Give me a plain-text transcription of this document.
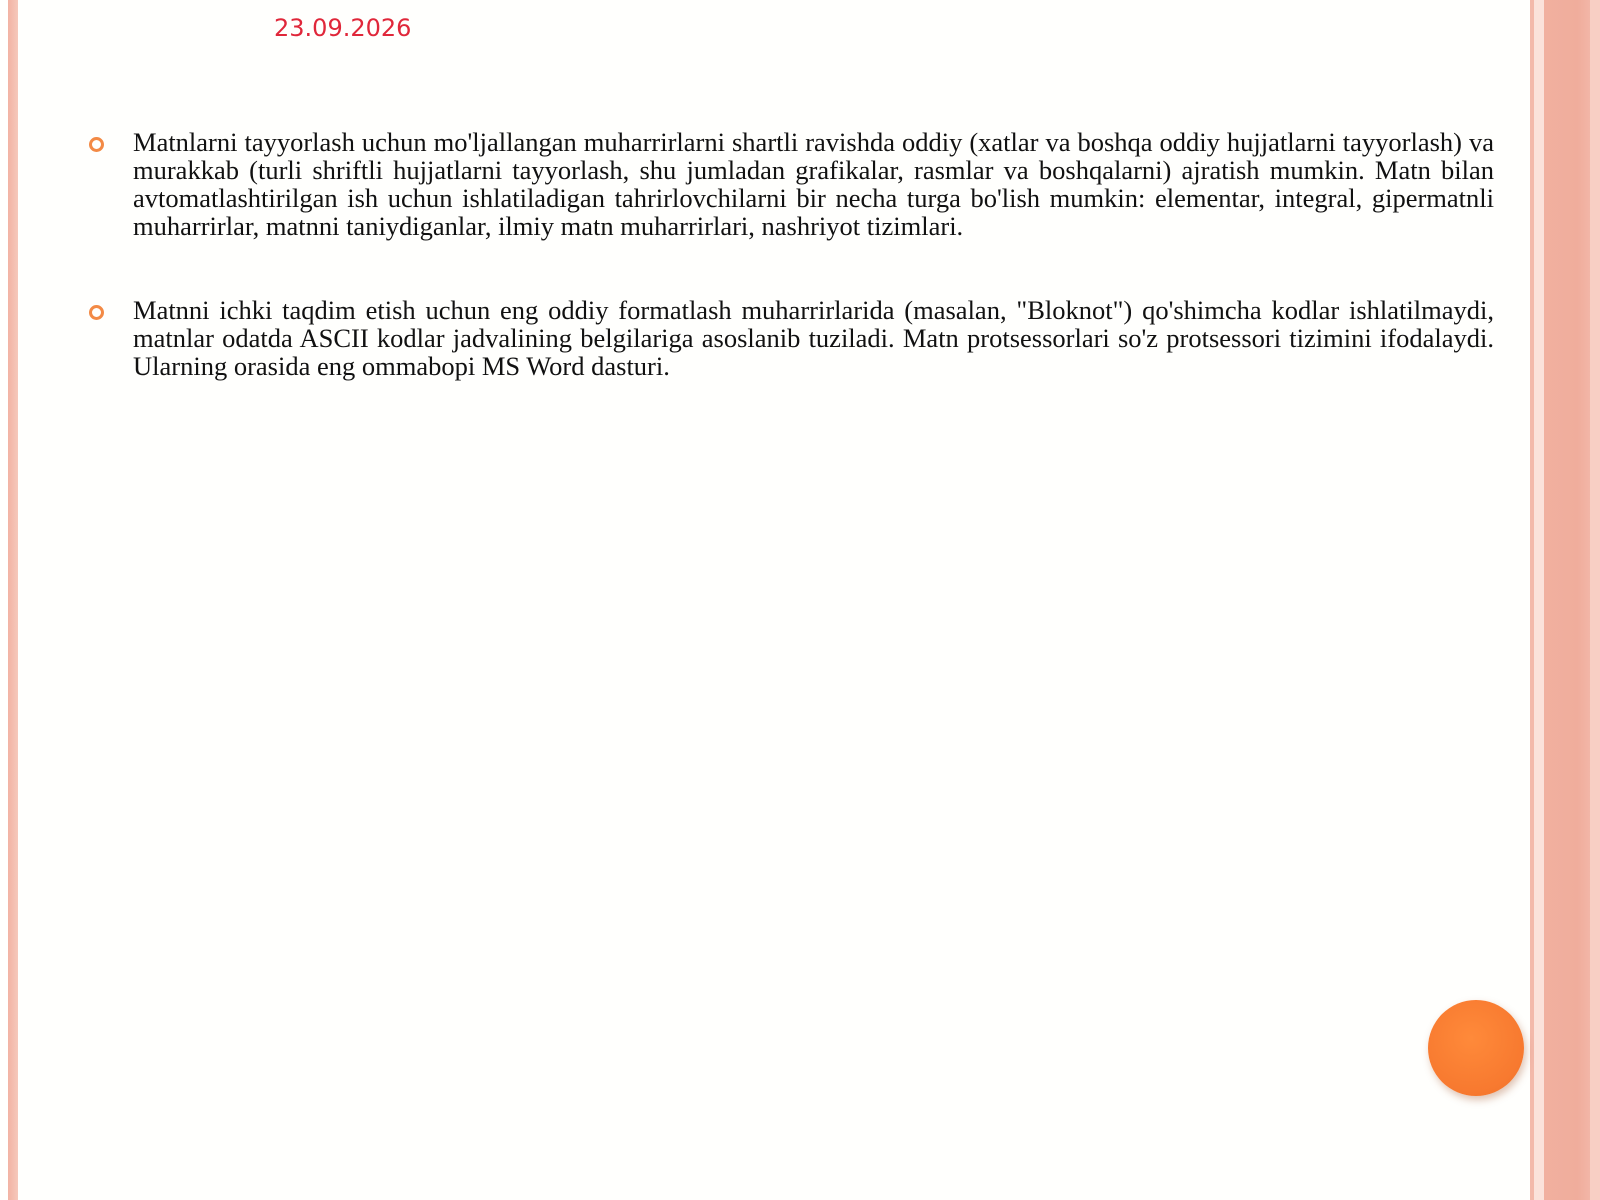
23.09.2026

Matnlarni tayyorlash uchun mo'ljallangan muharrirlarni shartli ravishda oddiy (xatlar va boshqa oddiy hujjatlarni tayyorlash) va murakkab (turli shriftli hujjatlarni tayyorlash, shu jumladan grafikalar, rasmlar va boshqalarni) ajratish mumkin. Matn bilan avtomatlashtirilgan ish uchun ishlatiladigan tahrirlovchilarni bir necha turga bo'lish mumkin: elementar, integral, gipermatnli muharrirlar, matnni taniydiganlar, ilmiy matn muharrirlari, nashriyot tizimlari.

Matnni ichki taqdim etish uchun eng oddiy formatlash muharrirlarida (masalan, "Bloknot") qo'shimcha kodlar ishlatilmaydi, matnlar odatda ASCII kodlar jadvalining belgilariga asoslanib tuziladi. Matn protsessorlari so'z protsessori tizimini ifodalaydi. Ularning orasida eng ommabopi MS Word dasturi.
